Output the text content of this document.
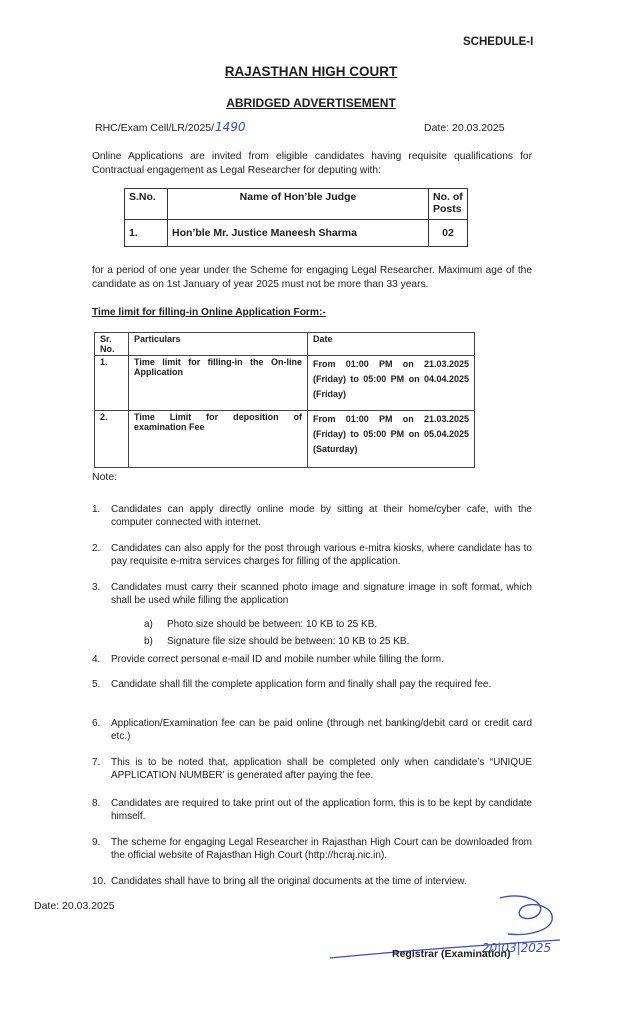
SCHEDULE-I
RAJASTHAN HIGH COURT
ABRIDGED ADVERTISEMENT
RHC/Exam Cell/LR/2025/1490	Date: 20.03.2025
Online Applications are invited from eligible candidates having requisite qualifications for Contractual engagement as Legal Researcher for deputing with:
S.No.	Name of Hon’ble Judge	No. of Posts
1.	Hon’ble Mr. Justice Maneesh Sharma	02
for a period of one year under the Scheme for engaging Legal Researcher. Maximum age of the candidate as on 1st January of year 2025 must not be more than 33 years.
Time limit for filling-in Online Application Form:-
Sr. No.	Particulars	Date
1.	Time limit for filling-in the On-line Application	From 01:00 PM on 21.03.2025 (Friday) to 05:00 PM on 04.04.2025 (Friday)
2.	Time Limit for deposition of examination Fee	From 01:00 PM on 21.03.2025 (Friday) to 05:00 PM on 05.04.2025 (Saturday)
Note:
1. Candidates can apply directly online mode by sitting at their home/cyber cafe, with the computer connected with internet.
2. Candidates can also apply for the post through various e-mitra kiosks, where candidate has to pay requisite e-mitra services charges for filling of the application.
3. Candidates must carry their scanned photo image and signature image in soft format, which shall be used while filling the application
a) Photo size should be between: 10 KB to 25 KB.
b) Signature file size should be between: 10 KB to 25 KB.
4. Provide correct personal e-mail ID and mobile number while filling the form.
5. Candidate shall fill the complete application form and finally shall pay the required fee.
6. Application/Examination fee can be paid online (through net banking/debit card or credit card etc.)
7. This is to be noted that, application shall be completed only when candidate’s “UNIQUE APPLICATION NUMBER’ is generated after paying the fee.
8. Candidates are required to take print out of the application form, this is to be kept by candidate himself.
9. The scheme for engaging Legal Researcher in Rajasthan High Court can be downloaded from the official website of Rajasthan High Court (http://hcraj.nic.in).
10. Candidates shall have to bring all the original documents at the time of interview.
Date: 20.03.2025
20|03|2025
Registrar (Examination)
